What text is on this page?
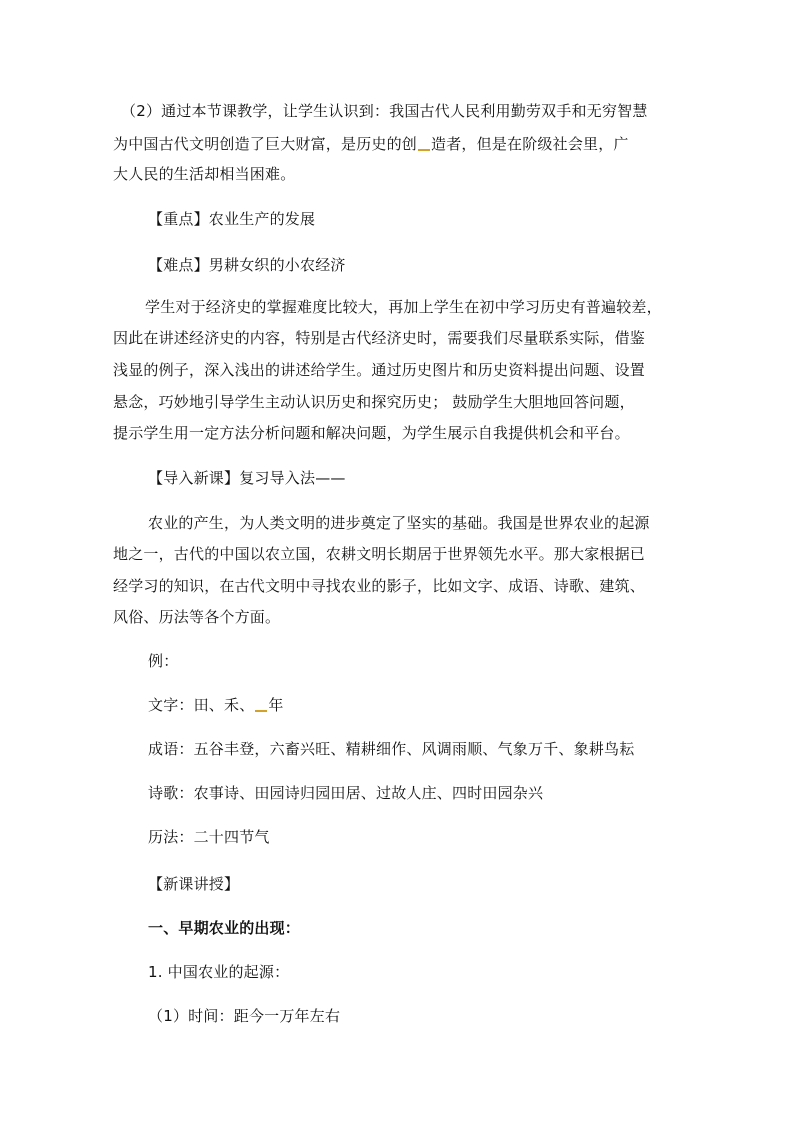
（2）通过本节课教学，让学生认识到：我国古代人民利用勤劳双手和无穷智慧
为中国古代文明创造了巨大财富，是历史的创 造者，但是在阶级社会里，广
大人民的生活却相当困难。
【重点】农业生产的发展
【难点】男耕女织的小农经济
学生对于经济史的掌握难度比较大，再加上学生在初中学习历史有普遍较差，
因此在讲述经济史的内容，特别是古代经济史时，需要我们尽量联系实际，借鉴
浅显的例子，深入浅出的讲述给学生。通过历史图片和历史资料提出问题、设置
悬念，巧妙地引导学生主动认识历史和探究历史； 鼓励学生大胆地回答问题，
提示学生用一定方法分析问题和解决问题，为学生展示自我提供机会和平台。
【导入新课】复习导入法——
农业的产生，为人类文明的进步奠定了坚实的基础。我国是世界农业的起源
地之一，古代的中国以农立国，农耕文明长期居于世界领先水平。那大家根据已
经学习的知识，在古代文明中寻找农业的影子，比如文字、成语、诗歌、建筑、
风俗、历法等各个方面。
例：
文字：田、禾、 年
成语：五谷丰登，六畜兴旺、精耕细作、风调雨顺、气象万千、象耕鸟耘
诗歌：农事诗、田园诗归园田居、过故人庄、四时田园杂兴
历法：二十四节气
【新课讲授】
一、早期农业的出现：
1. 中国农业的起源：
（1）时间：距今一万年左右
